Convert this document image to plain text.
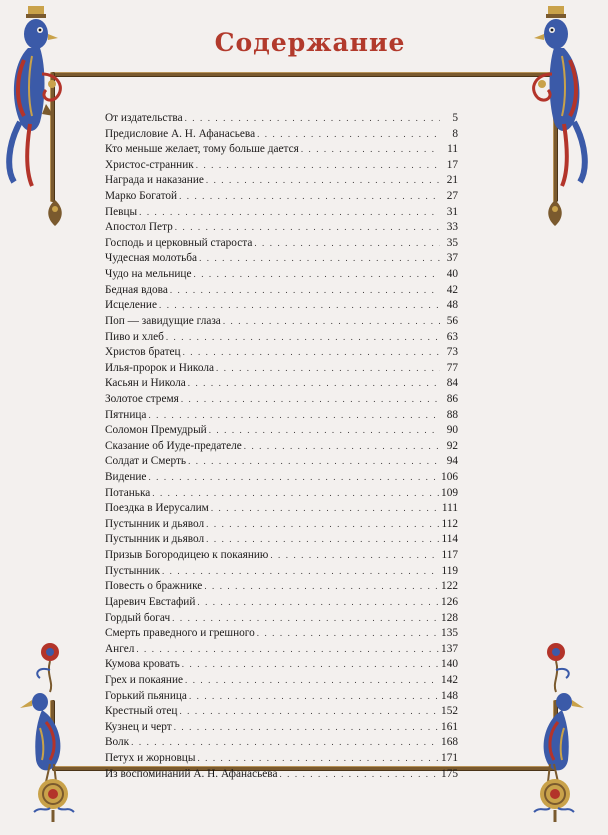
Содержание
От издательства . . .	5
Предисловие А. Н. Афанасьева . . .	8
Кто меньше желает, тому больше дается . . .	11
Христос-странник . . .	17
Награда и наказание . . .	21
Марко Богатой . . .	27
Певцы . . .	31
Апостол Петр . . .	33
Господь и церковный староста . . .	35
Чудесная молотьба . . .	37
Чудо на мельнице . . .	40
Бедная вдова . . .	42
Исцеление . . .	48
Поп — завидущие глаза . . .	56
Пиво и хлеб . . .	63
Христов братец . . .	73
Илья-пророк и Никола . . .	77
Касьян и Никола . . .	84
Золотое стремя . . .	86
Пятница . . .	88
Соломон Премудрый . . .	90
Сказание об Иуде-предателе . . .	92
Солдат и Смерть . . .	94
Видение . . .	106
Потанька . . .	109
Поездка в Иерусалим . . .	111
Пустынник и дьявол . . .	112
Пустынник и дьявол . . .	114
Призыв Богородицею к покаянию . . .	117
Пустынник . . .	119
Повесть о бражнике . . .	122
Царевич Евстафий . . .	126
Гордый богач . . .	128
Смерть праведного и грешного . . .	135
Ангел . . .	137
Кумова кровать . . .	140
Грех и покаяние . . .	142
Горький пьяница . . .	148
Крестный отец . . .	152
Кузнец и черт . . .	161
Волк . . .	168
Петух и жорновцы . . .	171
Из воспоминаний А. Н. Афанасьева . . .	175
